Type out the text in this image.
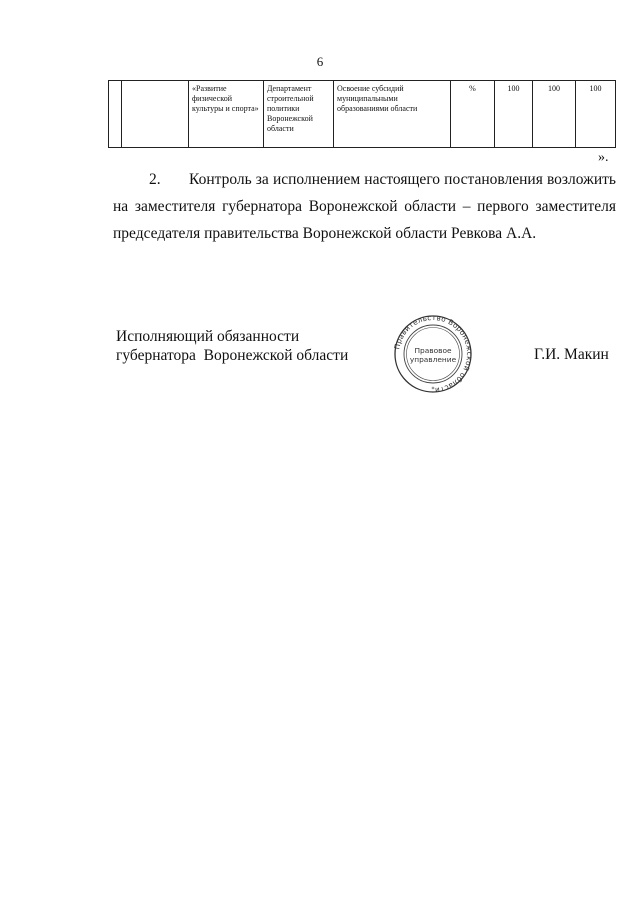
6
		«Развитие физической культуры и спорта»	Департамент строительной политики Воронежской области	Освоение субсидий муниципальными образованиями области	%	100	100	100
».
2. Контроль за исполнением настоящего постановления возложить на заместителя губернатора Воронежской области – первого заместителя председателя правительства Воронежской области Ревкова А.А.
Исполняющий обязанности
губернатора  Воронежской области
Правительство Воронежской области
Правовое
управление
*
Г.И. Макин
